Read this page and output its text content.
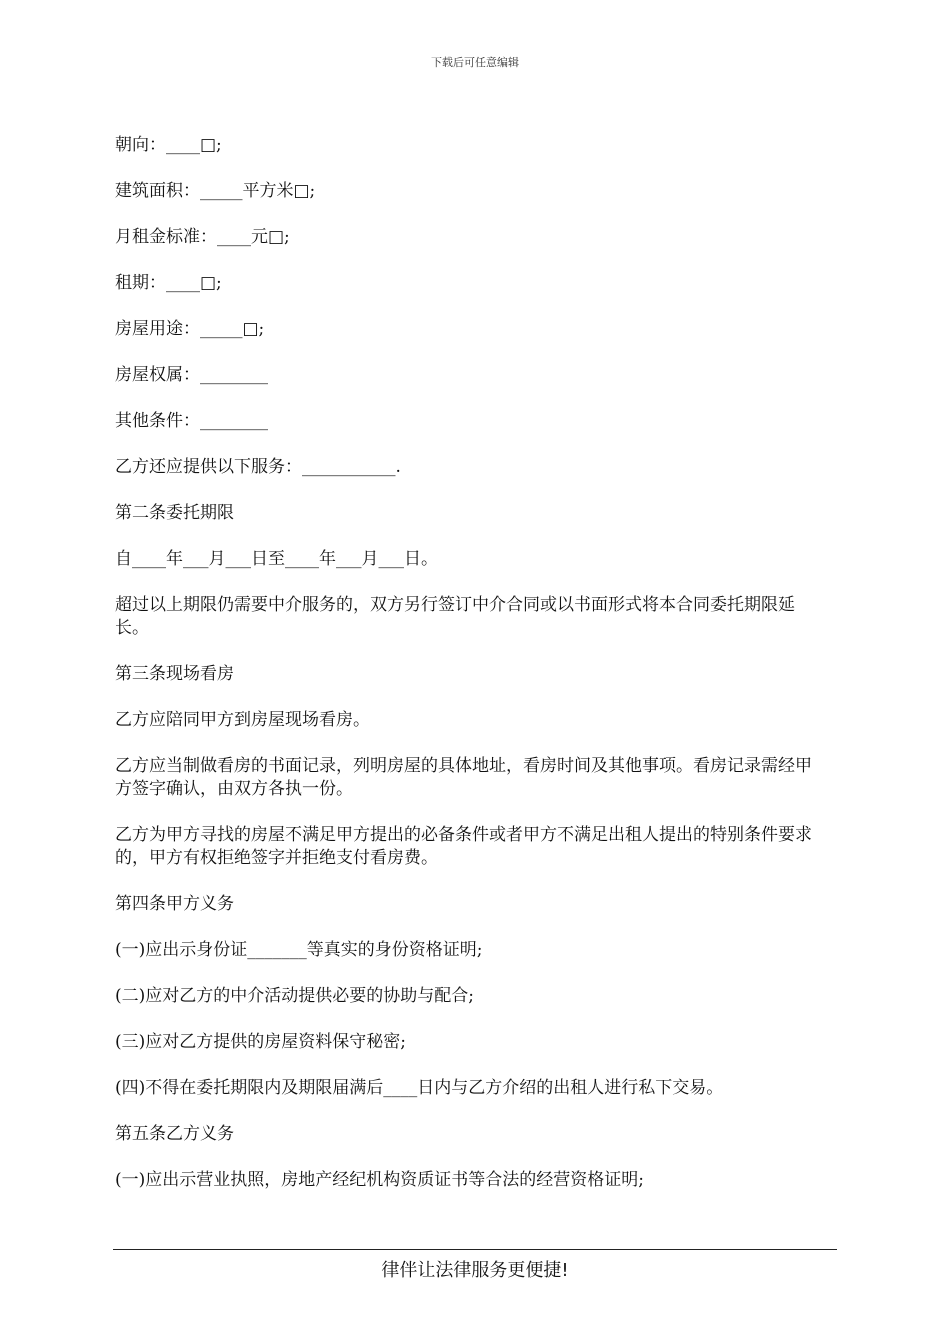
下载后可任意编辑

朝向：____□;

建筑面积：_____平方米□;

月租金标准：____元□;

租期：____□;

房屋用途：_____□;

房屋权属：________

其他条件：________

乙方还应提供以下服务：___________.

第二条委托期限

自____年___月___日至____年___月___日。

超过以上期限仍需要中介服务的，双方另行签订中介合同或以书面形式将本合同委托期限延长。

第三条现场看房

乙方应陪同甲方到房屋现场看房。

乙方应当制做看房的书面记录，列明房屋的具体地址，看房时间及其他事项。看房记录需经甲方签字确认，由双方各执一份。

乙方为甲方寻找的房屋不满足甲方提出的必备条件或者甲方不满足出租人提出的特别条件要求的，甲方有权拒绝签字并拒绝支付看房费。

第四条甲方义务

(一)应出示身份证_______等真实的身份资格证明;

(二)应对乙方的中介活动提供必要的协助与配合;

(三)应对乙方提供的房屋资料保守秘密;

(四)不得在委托期限内及期限届满后____日内与乙方介绍的出租人进行私下交易。

第五条乙方义务

(一)应出示营业执照，房地产经纪机构资质证书等合法的经营资格证明;

律伴让法律服务更便捷!
